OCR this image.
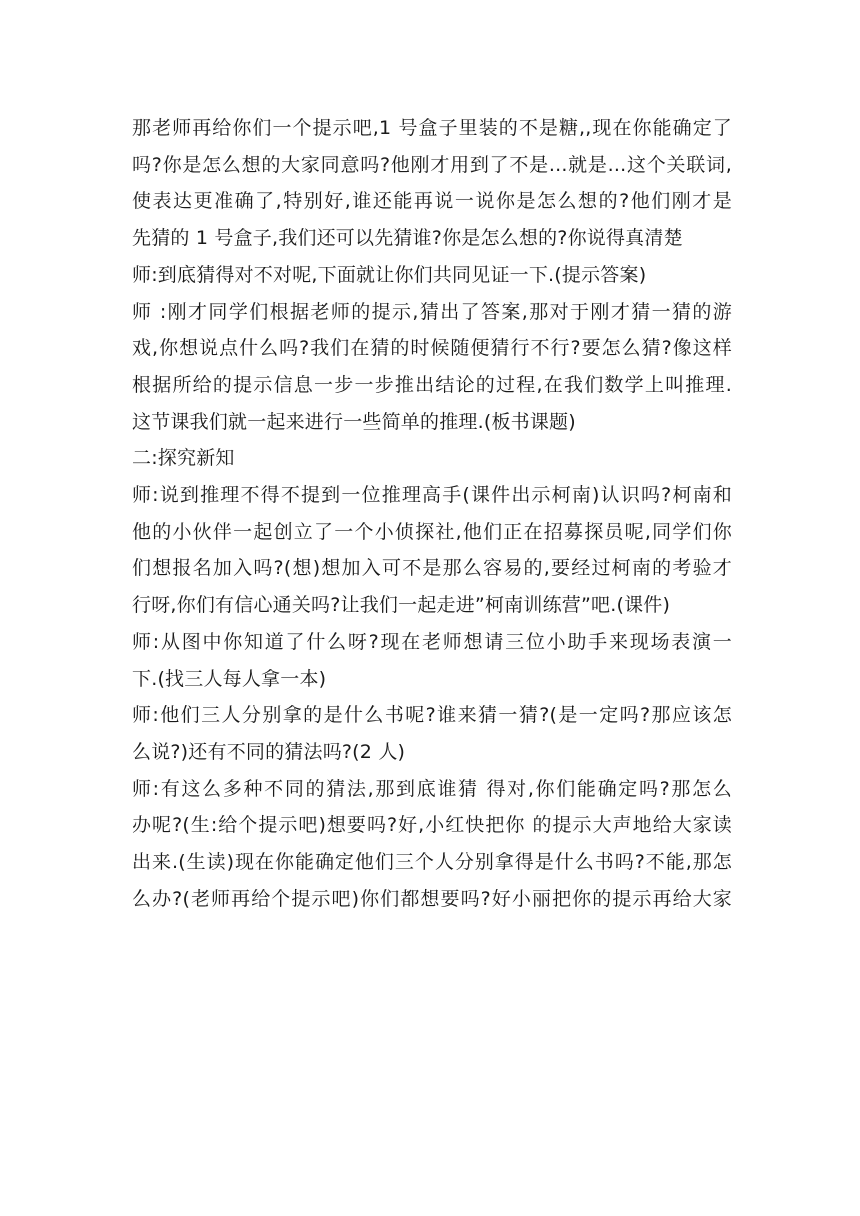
那老师再给你们一个提示吧,1 号盒子里装的不是糖,,现在你能确定了
吗?你是怎么想的大家同意吗?他刚才用到了不是...就是...这个关联词,
使表达更准确了,特别好,谁还能再说一说你是怎么想的?他们刚才是
先猜的 1 号盒子,我们还可以先猜谁?你是怎么想的?你说得真清楚
师:到底猜得对不对呢,下面就让你们共同见证一下.(提示答案)
师 :刚才同学们根据老师的提示,猜出了答案,那对于刚才猜一猜的游
戏,你想说点什么吗?我们在猜的时候随便猜行不行?要怎么猜?像这样
根据所给的提示信息一步一步推出结论的过程,在我们数学上叫推理.
这节课我们就一起来进行一些简单的推理.(板书课题)
二:探究新知
师:说到推理不得不提到一位推理高手(课件出示柯南)认识吗?柯南和
他的小伙伴一起创立了一个小侦探社,他们正在招募探员呢,同学们你
们想报名加入吗?(想)想加入可不是那么容易的,要经过柯南的考验才
行呀,你们有信心通关吗?让我们一起走进”柯南训练营”吧.(课件)
师:从图中你知道了什么呀?现在老师想请三位小助手来现场表演一
下.(找三人每人拿一本)
师:他们三人分别拿的是什么书呢?谁来猜一猜?(是一定吗?那应该怎
么说?)还有不同的猜法吗?(2 人)
师:有这么多种不同的猜法,那到底谁猜 得对,你们能确定吗?那怎么
办呢?(生:给个提示吧)想要吗?好,小红快把你 的提示大声地给大家读
出来.(生读)现在你能确定他们三个人分别拿得是什么书吗?不能,那怎
么办?(老师再给个提示吧)你们都想要吗?好小丽把你的提示再给大家
